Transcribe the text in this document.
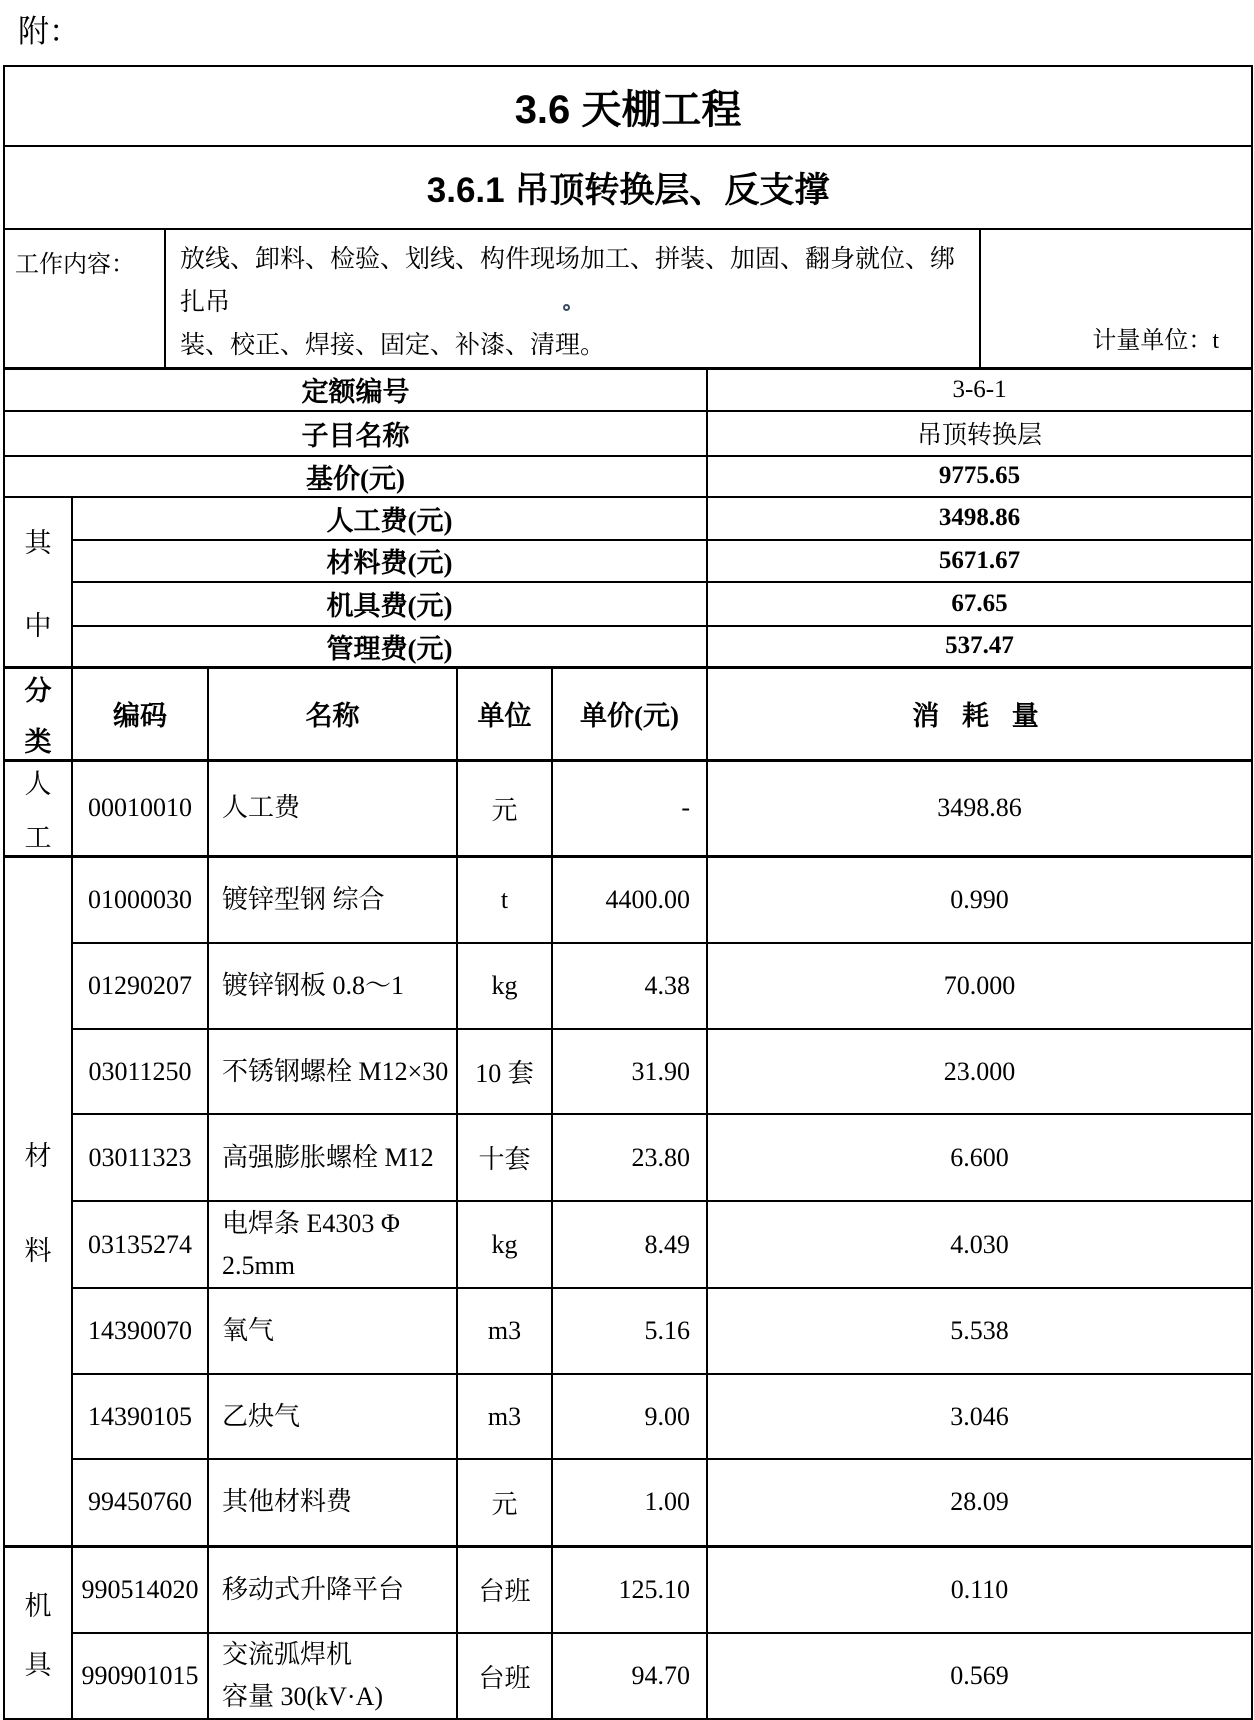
附：
3.6 天棚工程							
3.6.1 吊顶转换层、反支撑							
工作内容：		放线、卸料、检验、划线、构件现场加工、拼装、加固、翻身就位、绑扎吊
装、校正、焊接、固定、补漆、清理。					计量单位：t
定额编号						3-6-1	
子目名称						吊顶转换层	
基价(元)						9775.65	

其
中	人工费(元)					3498.86	
	材料费(元)					5671.67	
	机具费(元)					67.65	
	管理费(元)					537.47	

分
类	编码		名称	单位	单价(元)	消 耗 量	

人
工	00010010		人工费	元	-	3498.86	

材
料	01000030		镀锌型钢 综合	t	4400.00	0.990	
	01290207		镀锌钢板 0.8～1	kg	4.38	70.000	
	03011250		不锈钢螺栓 M12×30	10 套	31.90	23.000	
	03011323		高强膨胀螺栓 M12	十套	23.80	6.600	
	03135274		电焊条 E4303 Φ
2.5mm	kg	8.49	4.030	
	14390070		氧气	m3	5.16	5.538	
	14390105		乙炔气	m3	9.00	3.046	
	99450760		其他材料费	元	1.00	28.09	

机
具	990514020		移动式升降平台	台班	125.10	0.110	
	990901015		交流弧焊机
容量 30(kV·A)	台班	94.70	0.569	
